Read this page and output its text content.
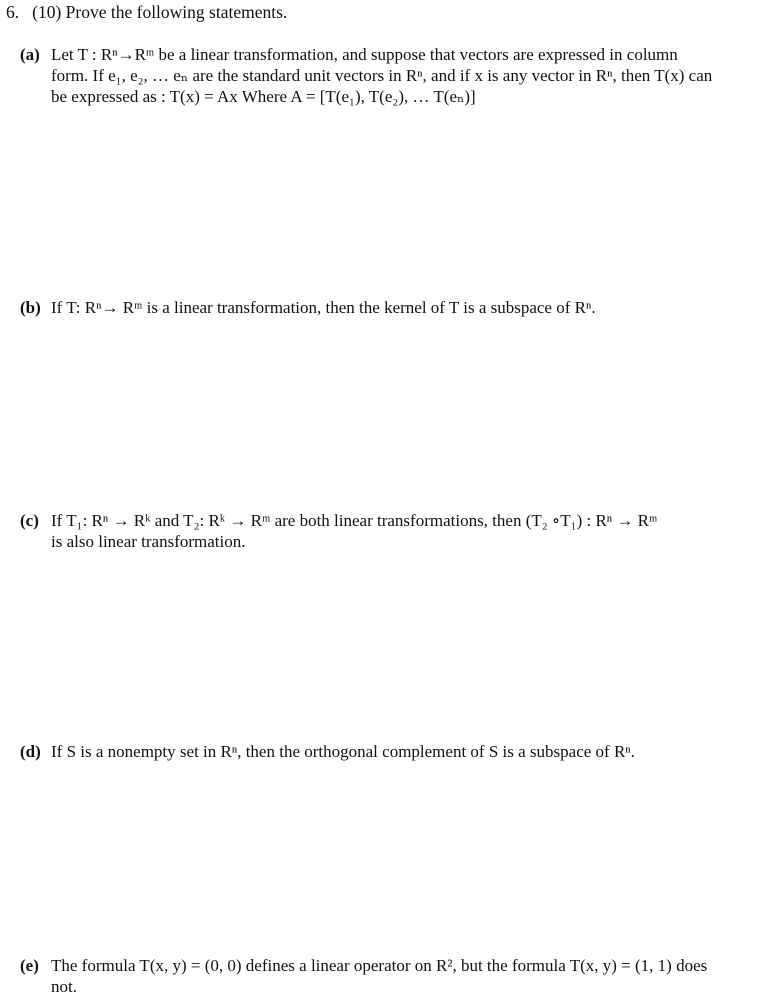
6. (10) Prove the following statements.
(a) Let T : Rⁿ→Rᵐ be a linear transformation, and suppose that vectors are expressed in column
form. If e₁, e₂, … eₙ are the standard unit vectors in Rⁿ, and if x is any vector in Rⁿ, then T(x) can be expressed as : T(x) = Ax Where A = [T(e₁), T(e₂), … T(eₙ)]
(b) If T: Rⁿ→ Rᵐ is a linear transformation, then the kernel of T is a subspace of Rⁿ.
(c) If T₁: Rⁿ → Rᵏ and T₂: Rᵏ → Rᵐ are both linear transformations, then (T₂ ∘T₁) : Rⁿ → Rᵐ
is also linear transformation.
(d) If S is a nonempty set in Rⁿ, then the orthogonal complement of S is a subspace of Rⁿ.
(e) The formula T(x, y) = (0, 0) defines a linear operator on R², but the formula T(x, y) = (1, 1) does
not.
